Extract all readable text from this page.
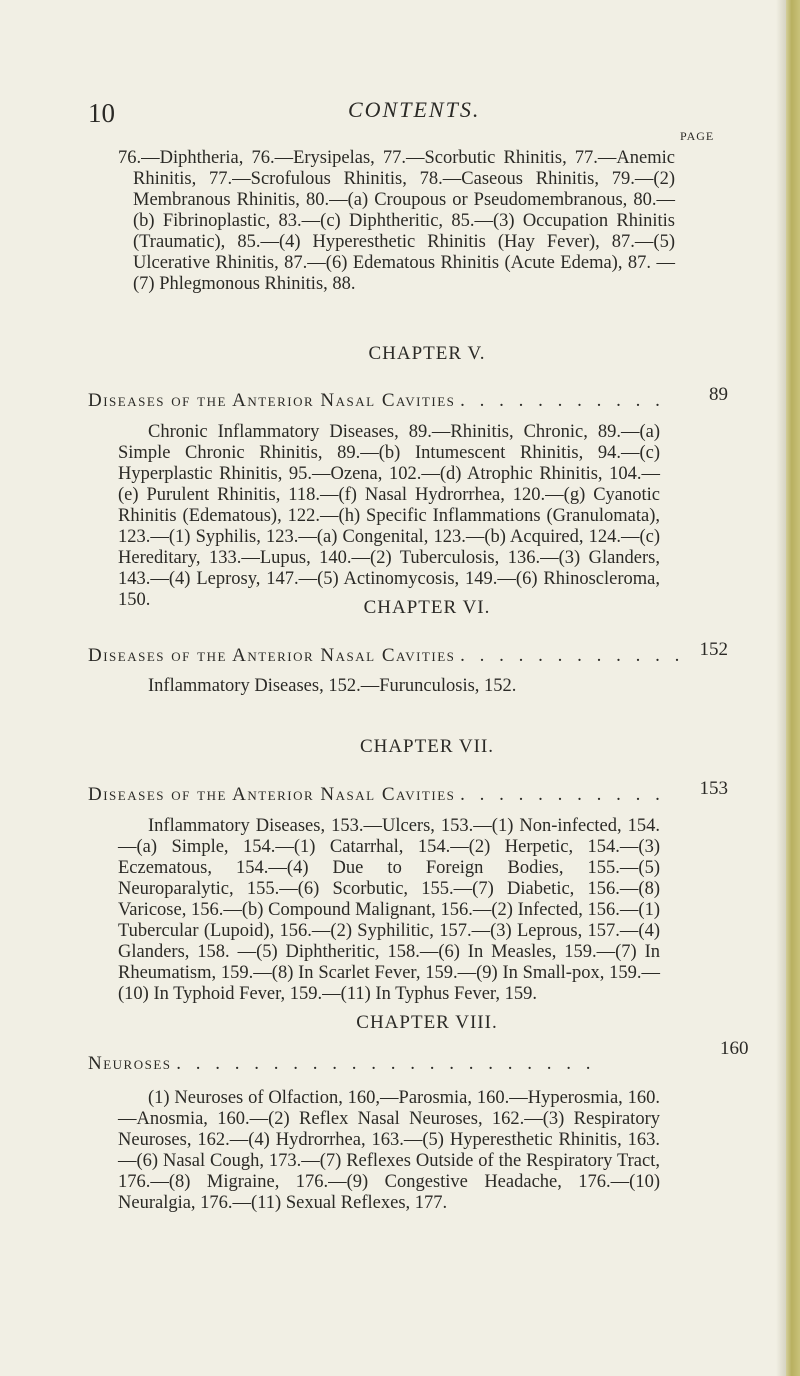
10	CONTENTS.
PAGE
76.—Diphtheria, 76.—Erysipelas, 77.—Scorbutic Rhinitis, 77.—Anemic Rhinitis, 77.—Scrofulous Rhinitis, 78.—Caseous Rhinitis, 79.—(2) Membranous Rhinitis, 80.—(a) Croupous or Pseudomembranous, 80.—(b) Fibrinoplastic, 83.—(c) Diphtheritic, 85.—(3) Occupation Rhinitis (Traumatic), 85.—(4) Hyperesthetic Rhinitis (Hay Fever), 87.—(5) Ulcerative Rhinitis, 87.—(6) Edematous Rhinitis (Acute Edema), 87. —(7) Phlegmonous Rhinitis, 88.
CHAPTER V.
Diseases of the Anterior Nasal Cavities . . . . . . . . . . . 89
Chronic Inflammatory Diseases, 89.—Rhinitis, Chronic, 89.—(a) Simple Chronic Rhinitis, 89.—(b) Intumescent Rhinitis, 94.—(c) Hyperplastic Rhinitis, 95.—Ozena, 102.—(d) Atrophic Rhinitis, 104.—(e) Purulent Rhinitis, 118.—(f) Nasal Hydrorrhea, 120.—(g) Cyanotic Rhinitis (Edematous), 122.—(h) Specific Inflammations (Granulomata), 123.—(1) Syphilis, 123.—(a) Congenital, 123.—(b) Acquired, 124.—(c) Hereditary, 133.—Lupus, 140.—(2) Tuberculosis, 136.—(3) Glanders, 143.—(4) Leprosy, 147.—(5) Actinomycosis, 149.—(6) Rhinoscleroma, 150.	CHAPTER VI.
Diseases of the Anterior Nasal Cavities . . . . . . . . . . . . 152
Inflammatory Diseases, 152.—Furunculosis, 152.
CHAPTER VII.
Diseases of the Anterior Nasal Cavities . . . . . . . . . . . 153
Inflammatory Diseases, 153.—Ulcers, 153.—(1) Non-infected, 154. —(a) Simple, 154.—(1) Catarrhal, 154.—(2) Herpetic, 154.—(3) Eczematous, 154.—(4) Due to Foreign Bodies, 155.—(5) Neuroparalytic, 155.—(6) Scorbutic, 155.—(7) Diabetic, 156.—(8) Varicose, 156.—(b) Compound Malignant, 156.—(2) Infected, 156.—(1) Tubercular (Lupoid), 156.—(2) Syphilitic, 157.—(3) Leprous, 157.—(4) Glanders, 158. —(5) Diphtheritic, 158.—(6) In Measles, 159.—(7) In Rheumatism, 159.—(8) In Scarlet Fever, 159.—(9) In Small-pox, 159.—(10) In Typhoid Fever, 159.—(11) In Typhus Fever, 159.
CHAPTER VIII.
Neuroses . . . . . . . . . . . . . . . . . . . . . .
160
(1) Neuroses of Olfaction, 160,—Parosmia, 160.—Hyperosmia, 160.—Anosmia, 160.—(2) Reflex Nasal Neuroses, 162.—(3) Respiratory Neuroses, 162.—(4) Hydrorrhea, 163.—(5) Hyperesthetic Rhinitis, 163.—(6) Nasal Cough, 173.—(7) Reflexes Outside of the Respiratory Tract, 176.—(8) Migraine, 176.—(9) Congestive Headache, 176.—(10) Neuralgia, 176.—(11) Sexual Reflexes, 177.
